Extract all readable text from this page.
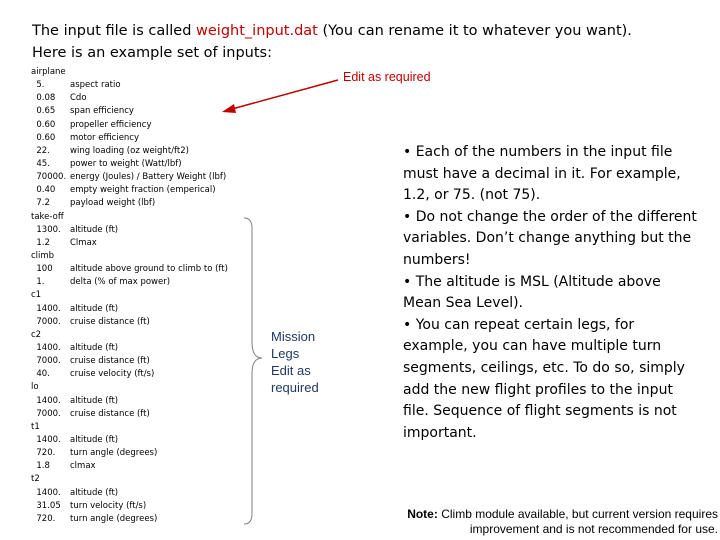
The input file is called weight_input.dat (You can rename it to whatever you want).
Here is an example set of inputs:
airplane
5.
0.08
0.65
0.60
0.60
22.
45.
70000.
0.40
7.2
take-off
1300.
1.2
climb
100
1.
c1
1400.
7000.
c2
1400.
7000.
40.
lo
1400.
7000.
t1
1400.
720.
1.8
t2
1400.
31.05
720.
aspect ratio
Cdo
span efficiency
propeller efficiency
motor efficiency
wing loading (oz weight/ft2)
power to weight (Watt/lbf)
energy (Joules) / Battery Weight (lbf)
empty weight fraction (emperical)
payload weight (lbf)
altitude (ft)
Clmax
altitude above ground to climb to (ft)
delta (% of max power)
altitude (ft)
cruise distance (ft)
altitude (ft)
cruise distance (ft)
cruise velocity (ft/s)
altitude (ft)
cruise distance (ft)
altitude (ft)
turn angle (degrees)
clmax
altitude (ft)
turn velocity (ft/s)
turn angle (degrees)
Edit as required
Mission
Legs
Edit as
required
• Each of the numbers in the input file must have a decimal in it. For example, 1.2, or 75. (not 75).
• Do not change the order of the different variables. Don’t change anything but the numbers!
• The altitude is MSL (Altitude above Mean Sea Level).
• You can repeat certain legs, for example, you can have multiple turn segments, ceilings, etc. To do so, simply add the new flight profiles to the input file. Sequence of flight segments is not important.
Note: Climb module available, but current version requires improvement and is not recommended for use.
